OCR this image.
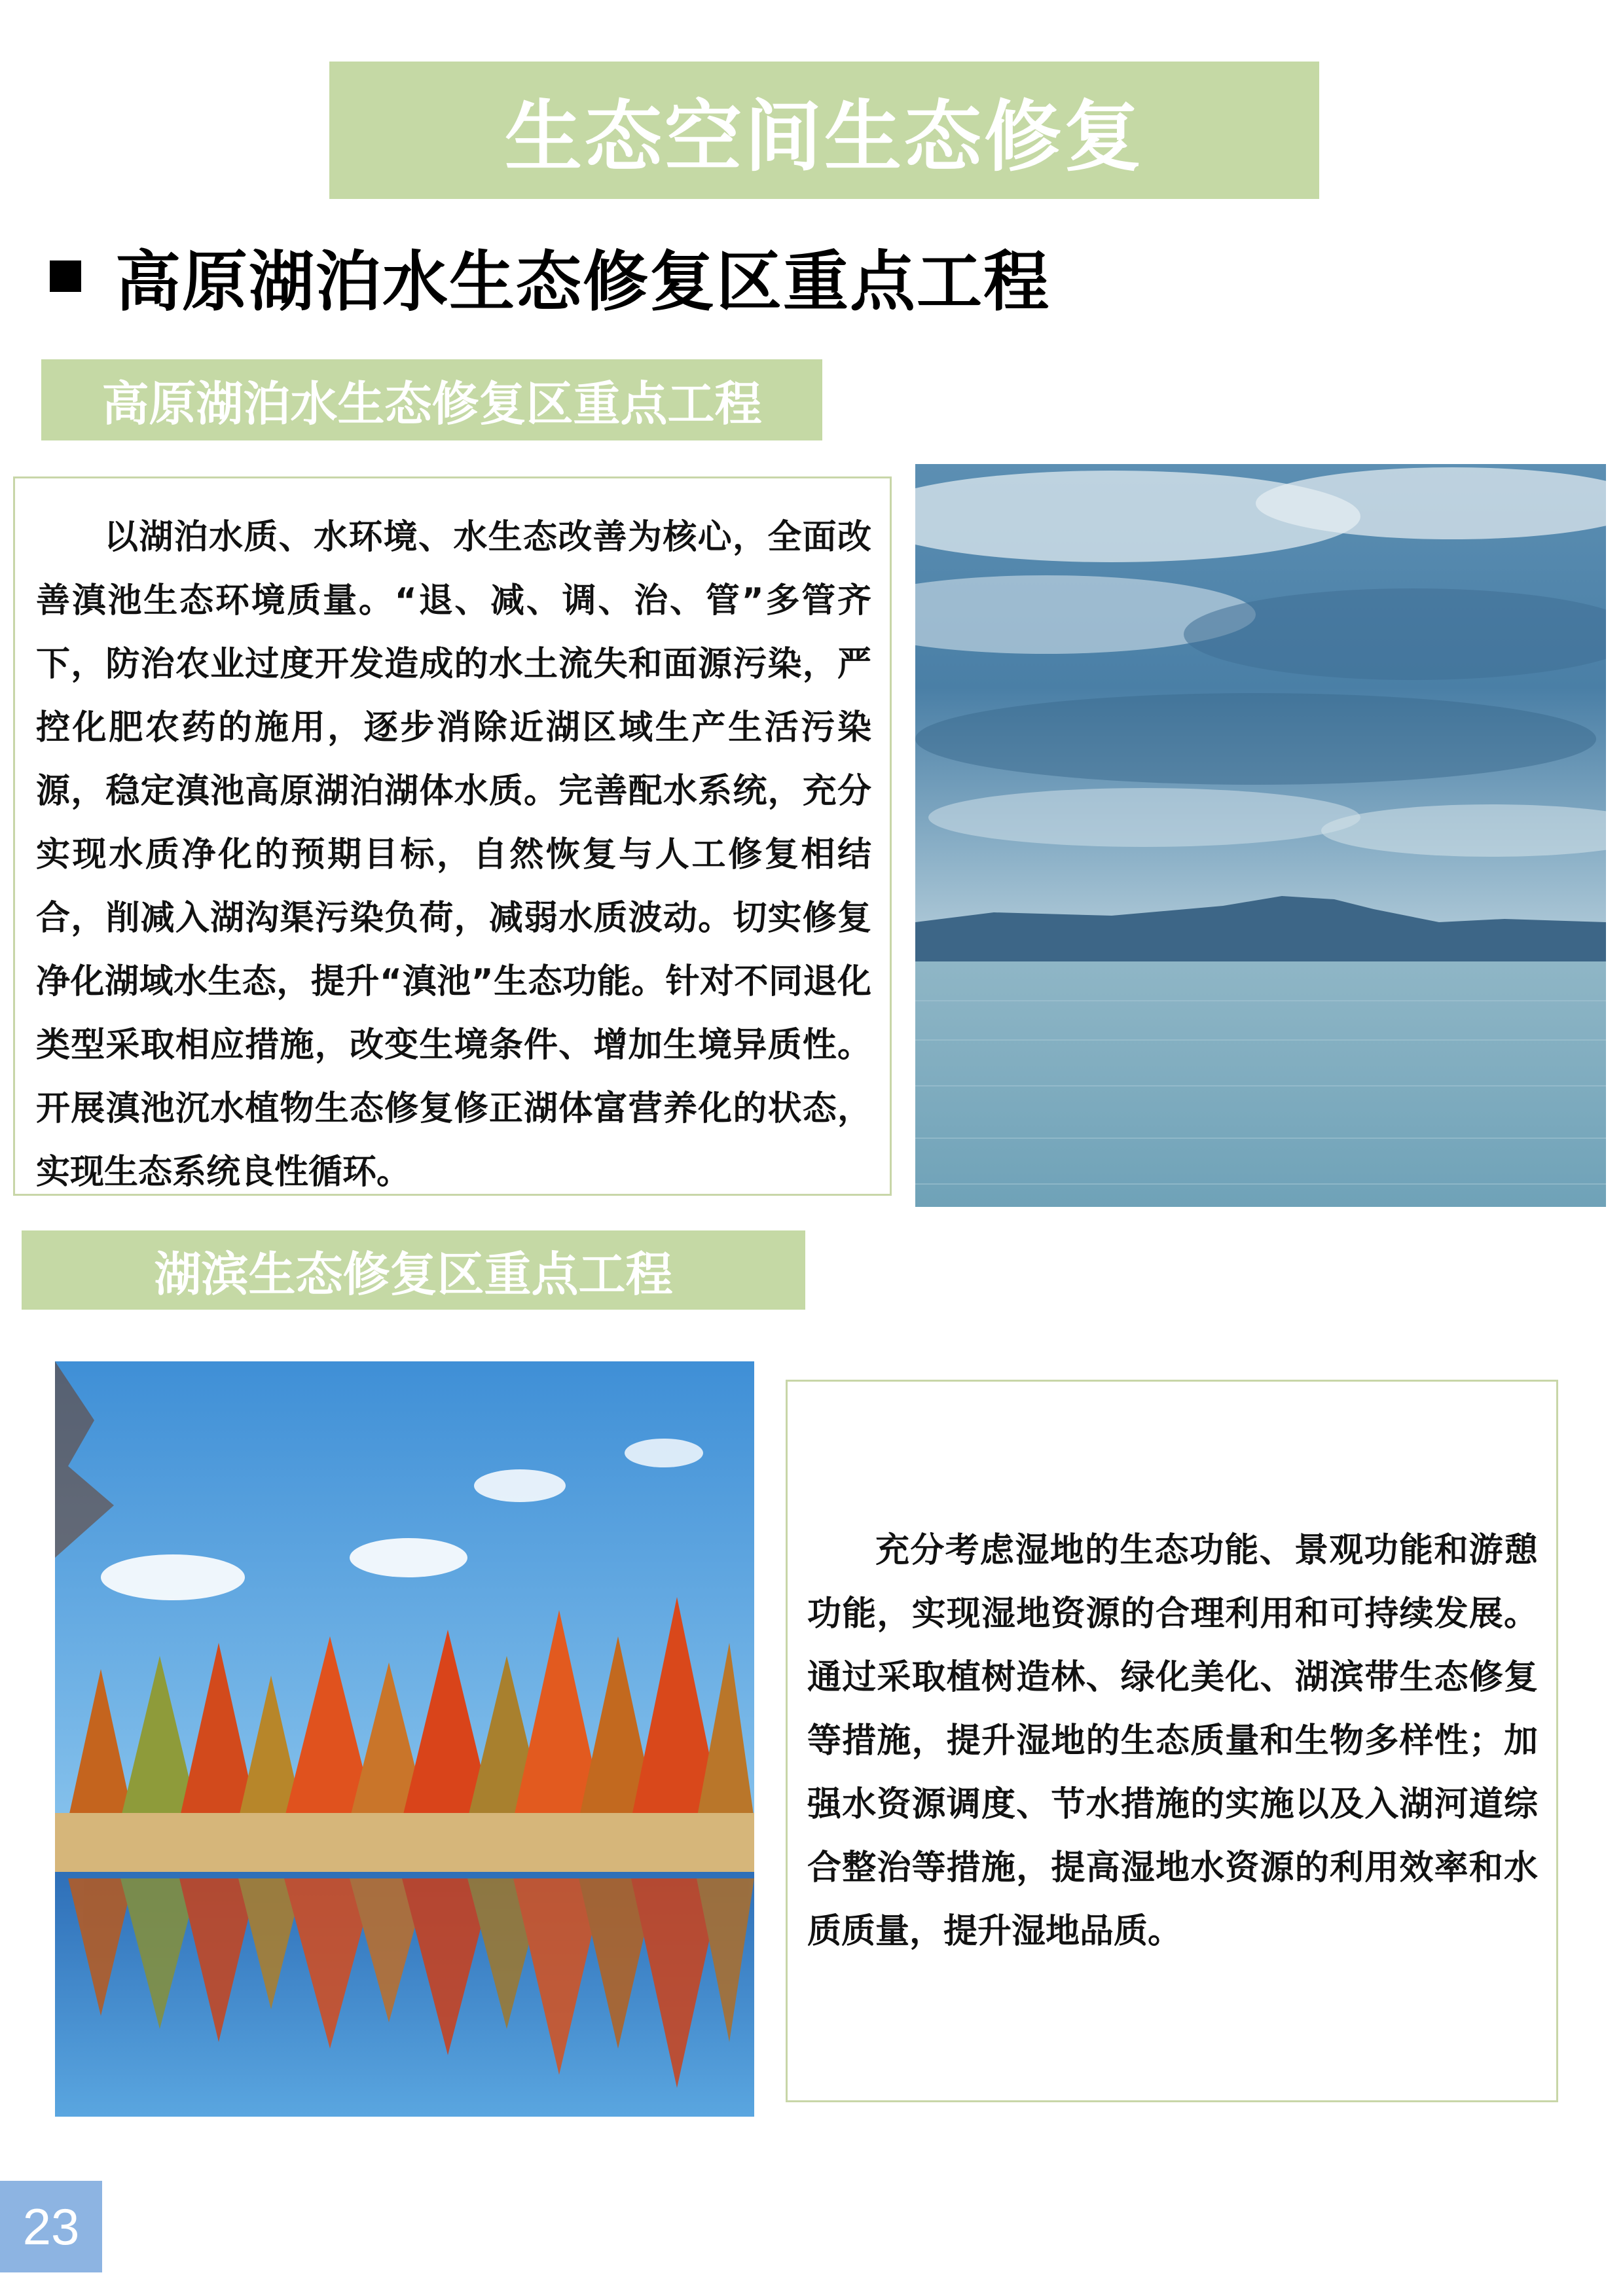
生态空间生态修复
高原湖泊水生态修复区重点工程
高原湖泊水生态修复区重点工程

以湖泊水质、水环境、水生态改善为核心，全面改善滇池生态环境质量。“退、减、调、治、管”多管齐下，防治农业过度开发造成的水土流失和面源污染，严控化肥农药的施用，逐步消除近湖区域生产生活污染源，稳定滇池高原湖泊湖体水质。完善配水系统，充分实现水质净化的预期目标，自然恢复与人工修复相结合，削减入湖沟渠污染负荷，减弱水质波动。切实修复净化湖域水生态，提升“滇池”生态功能。针对不同退化类型采取相应措施，改变生境条件、增加生境异质性。开展滇池沉水植物生态修复修正湖体富营养化的状态，实现生态系统良性循环。

湖滨生态修复区重点工程

充分考虑湿地的生态功能、景观功能和游憩功能，实现湿地资源的合理利用和可持续发展。通过采取植树造林、绿化美化、湖滨带生态修复等措施，提升湿地的生态质量和生物多样性；加强水资源调度、节水措施的实施以及入湖河道综合整治等措施，提高湿地水资源的利用效率和水质质量，提升湿地品质。

23
